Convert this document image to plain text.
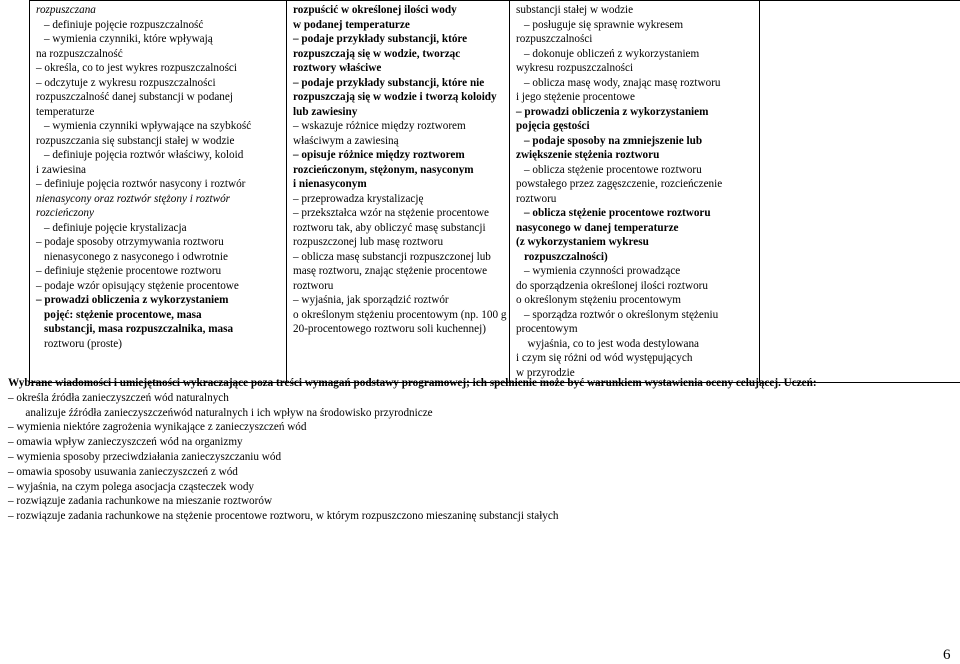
rozpuszczana
– definiuje pojęcie rozpuszczalność
– wymienia czynniki, które wpływają
na rozpuszczalność
– określa, co to jest wykres rozpuszczalności
– odczytuje z wykresu rozpuszczalności
rozpuszczalność danej substancji w podanej
temperaturze
– wymienia czynniki wpływające na szybkość
rozpuszczania się substancji stałej w wodzie
– definiuje pojęcia roztwór właściwy, koloid
i zawiesina
– definiuje pojęcia roztwór nasycony i roztwór
nienasycony oraz roztwór stężony i roztwór
rozcieńczony
– definiuje pojęcie krystalizacja
– podaje sposoby otrzymywania roztworu
nienasyconego z nasyconego i odwrotnie
– definiuje stężenie procentowe roztworu
– podaje wzór opisujący stężenie procentowe
– prowadzi obliczenia z wykorzystaniem
pojęć: stężenie procentowe, masa
substancji, masa rozpuszczalnika, masa
roztworu (proste)

rozpuścić w określonej ilości wody
w podanej temperaturze
– podaje przykłady substancji, które
rozpuszczają się w wodzie, tworząc
roztwory właściwe
– podaje przykłady substancji, które nie
rozpuszczają się w wodzie i tworzą koloidy
lub zawiesiny
– wskazuje różnice między roztworem
właściwym a zawiesiną
– opisuje różnice między roztworem
rozcieńczonym, stężonym, nasyconym
i nienasyconym
– przeprowadza krystalizację
– przekształca wzór na stężenie procentowe
roztworu tak, aby obliczyć masę substancji
rozpuszczonej lub masę roztworu
– oblicza masę substancji rozpuszczonej lub
masę roztworu, znając stężenie procentowe
roztworu
– wyjaśnia, jak sporządzić roztwór
o określonym stężeniu procentowym (np. 100 g
20-procentowego roztworu soli kuchennej)

substancji stałej w wodzie
– posługuje się sprawnie wykresem
rozpuszczalności
– dokonuje obliczeń z wykorzystaniem
wykresu rozpuszczalności
– oblicza masę wody, znając masę roztworu
i jego stężenie procentowe
– prowadzi obliczenia z wykorzystaniem
pojęcia gęstości
– podaje sposoby na zmniejszenie lub
zwiększenie stężenia roztworu
– oblicza stężenie procentowe roztworu
powstałego przez zagęszczenie, rozcieńczenie
roztworu
– oblicza stężenie procentowe roztworu
nasyconego w danej temperaturze
(z wykorzystaniem wykresu
rozpuszczalności)
– wymienia czynności prowadzące
do sporządzenia określonej ilości roztworu
o określonym stężeniu procentowym
– sporządza roztwór o określonym stężeniu
procentowym
wyjaśnia, co to jest woda destylowana
i czym się różni od wód występujących
w przyrodzie

Wybrane wiadomości i umiejętności wykraczające poza treści wymagań podstawy programowej; ich spełnienie może być warunkiem wystawienia oceny celującej. Uczeń:
– określa źródła zanieczyszczeń wód naturalnych
analizuje źźródła zanieczyszczeńwód naturalnych i ich wpływ na środowisko przyrodnicze
– wymienia niektóre zagrożenia wynikające z zanieczyszczeń wód
– omawia wpływ zanieczyszczeń wód na organizmy
– wymienia sposoby przeciwdziałania zanieczyszczaniu wód
– omawia sposoby usuwania zanieczyszczeń z wód
– wyjaśnia, na czym polega asocjacja cząsteczek wody
– rozwiązuje zadania rachunkowe na mieszanie roztworów
– rozwiązuje zadania rachunkowe na stężenie procentowe roztworu, w którym rozpuszczono mieszaninę substancji stałych
6
